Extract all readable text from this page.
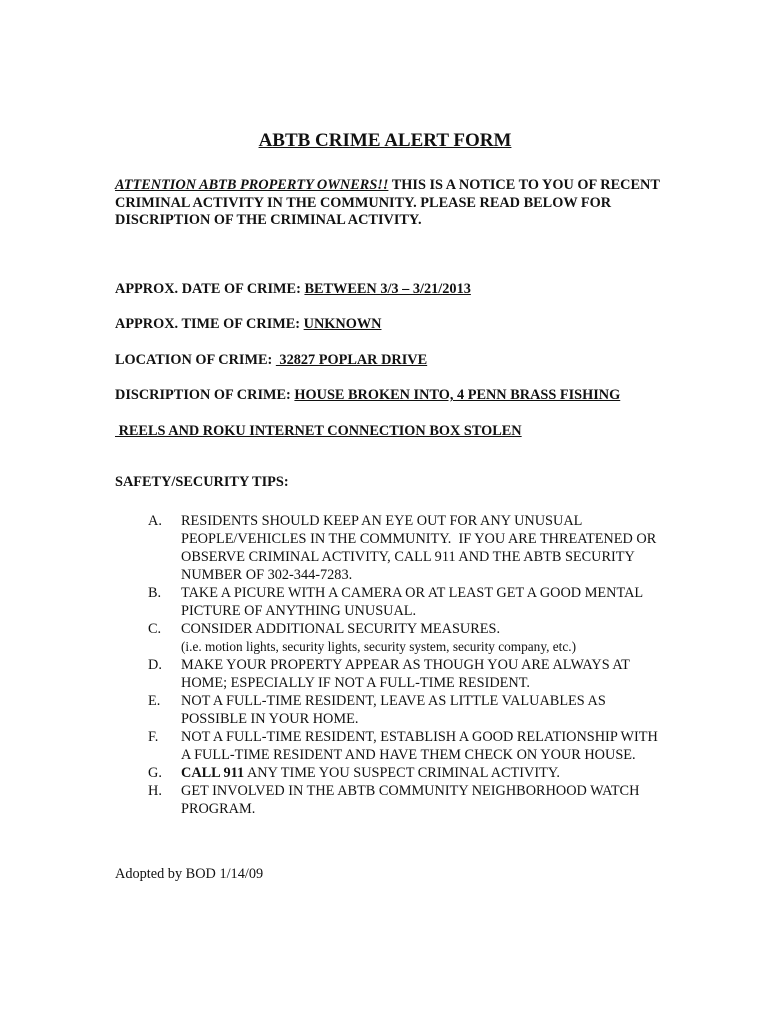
ABTB CRIME ALERT FORM
ATTENTION ABTB PROPERTY OWNERS!! THIS IS A NOTICE TO YOU OF RECENT CRIMINAL ACTIVITY IN THE COMMUNITY. PLEASE READ BELOW FOR DISCRIPTION OF THE CRIMINAL ACTIVITY.
APPROX. DATE OF CRIME: BETWEEN 3/3 – 3/21/2013
APPROX. TIME OF CRIME: UNKNOWN
LOCATION OF CRIME:  32827 POPLAR DRIVE
DISCRIPTION OF CRIME: HOUSE BROKEN INTO, 4 PENN BRASS FISHING
REELS AND ROKU INTERNET CONNECTION BOX STOLEN
SAFETY/SECURITY TIPS:
A.	RESIDENTS SHOULD KEEP AN EYE OUT FOR ANY UNUSUAL PEOPLE/VEHICLES IN THE COMMUNITY.  IF YOU ARE THREATENED OR OBSERVE CRIMINAL ACTIVITY, CALL 911 AND THE ABTB SECURITY NUMBER OF 302-344-7283.
B.	TAKE A PICURE WITH A CAMERA OR AT LEAST GET A GOOD MENTAL PICTURE OF ANYTHING UNUSUAL.
C.	CONSIDER ADDITIONAL SECURITY MEASURES.
(i.e. motion lights, security lights, security system, security company, etc.)
D.	MAKE YOUR PROPERTY APPEAR AS THOUGH YOU ARE ALWAYS AT HOME; ESPECIALLY IF NOT A FULL-TIME RESIDENT.
E.	NOT A FULL-TIME RESIDENT, LEAVE AS LITTLE VALUABLES AS POSSIBLE IN YOUR HOME.
F.	NOT A FULL-TIME RESIDENT, ESTABLISH A GOOD RELATIONSHIP WITH A FULL-TIME RESIDENT AND HAVE THEM CHECK ON YOUR HOUSE.
G.	CALL 911 ANY TIME YOU SUSPECT CRIMINAL ACTIVITY.
H.	GET INVOLVED IN THE ABTB COMMUNITY NEIGHBORHOOD WATCH PROGRAM.
Adopted by BOD 1/14/09
